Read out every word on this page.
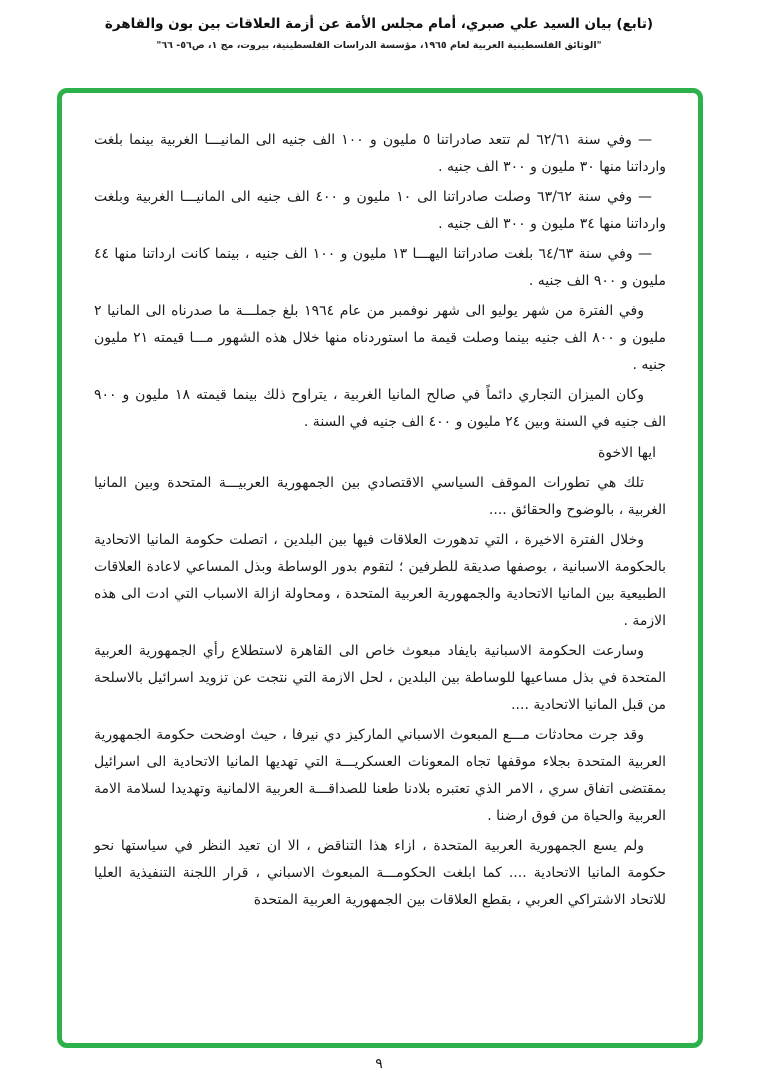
(تابع) بيان السيد علي صبري، أمام مجلس الأمة عن أزمة العلاقات بين بون والقاهرة
"الوثائق الفلسطينية العربية لعام ١٩٦٥، مؤسسة الدراسات الفلسطينية، بيروت، مج ١، ص٥٦- ٦٦"

— وفي سنة ٦٢/٦١ لم تتعد صادراتنا ٥ مليون و ١٠٠ الف جنيه الى المانيـــا الغربية بينما بلغت وارداتنا منها ٣٠ مليون و ٣٠٠ الف جنيه .

— وفي سنة ٦٣/٦٢ وصلت صادراتنا الى ١٠ مليون و ٤٠٠ الف جنيه الى المانيـــا الغربية وبلغت وارداتنا منها ٣٤ مليون و ٣٠٠ الف جنيه .

— وفي سنة ٦٤/٦٣ بلغت صادراتنا اليهـــا ١٣ مليون و ١٠٠ الف جنيه ، بينما كانت ارداتنا منها ٤٤ مليون و ٩٠٠ الف جنيه .

وفي الفترة من شهر يوليو الى شهر نوفمبر من عام ١٩٦٤ بلغ جملـــة ما صدرناه الى المانيا ٢ مليون و ٨٠٠ الف جنيه بينما وصلت قيمة ما استوردناه منها خلال هذه الشهور مـــا قيمته ٢١ مليون جنيه .

وكان الميزان التجاري دائماً في صالح المانيا الغربية ، يتراوح ذلك بينما قيمته ١٨ مليون و ٩٠٠ الف جنيه في السنة وبين ٢٤ مليون و ٤٠٠ الف جنيه في السنة .

ايها الاخوة

تلك هي تطورات الموقف السياسي الاقتصادي بين الجمهورية العربيـــة المتحدة وبين المانيا الغربية ، بالوضوح والحقائق ....

وخلال الفترة الاخيرة ، التي تدهورت العلاقات فيها بين البلدين ، اتصلت حكومة المانيا الاتحادية بالحكومة الاسبانية ، بوصفها صديقة للطرفين ؛ لتقوم بدور الوساطة وبذل المساعي لاعادة العلاقات الطبيعية بين المانيا الاتحادية والجمهورية العربية المتحدة ، ومحاولة ازالة الاسباب التي ادت الى هذه الازمة .

وسارعت الحكومة الاسبانية بايفاد مبعوث خاص الى القاهرة لاستطلاع رأي الجمهورية العربية المتحدة في بذل مساعيها للوساطة بين البلدين ، لحل الازمة التي نتجت عن تزويد اسرائيل بالاسلحة من قبل المانيا الاتحادية ....

وقد جرت محادثات مـــع المبعوث الاسباني الماركيز دي نيرفا ، حيث اوضحت حكومة الجمهورية العربية المتحدة بجلاء موقفها تجاه المعونات العسكريـــة التي تهديها المانيا الاتحادية الى اسرائيل بمقتضى اتفاق سري ، الامر الذي تعتبره بلادنا طعنا للصداقـــة العربية الالمانية وتهديدا لسلامة الامة العربية والحياة من فوق ارضنا .

ولم يسع الجمهورية العربية المتحدة ، ازاء هذا التناقض ، الا ان تعيد النظر في سياستها نحو حكومة المانيا الاتحادية .... كما ابلغت الحكومـــة المبعوث الاسباني ، قرار اللجنة التنفيذية العليا للاتحاد الاشتراكي العربي ، بقطع العلاقات بين الجمهورية العربية المتحدة

٩
